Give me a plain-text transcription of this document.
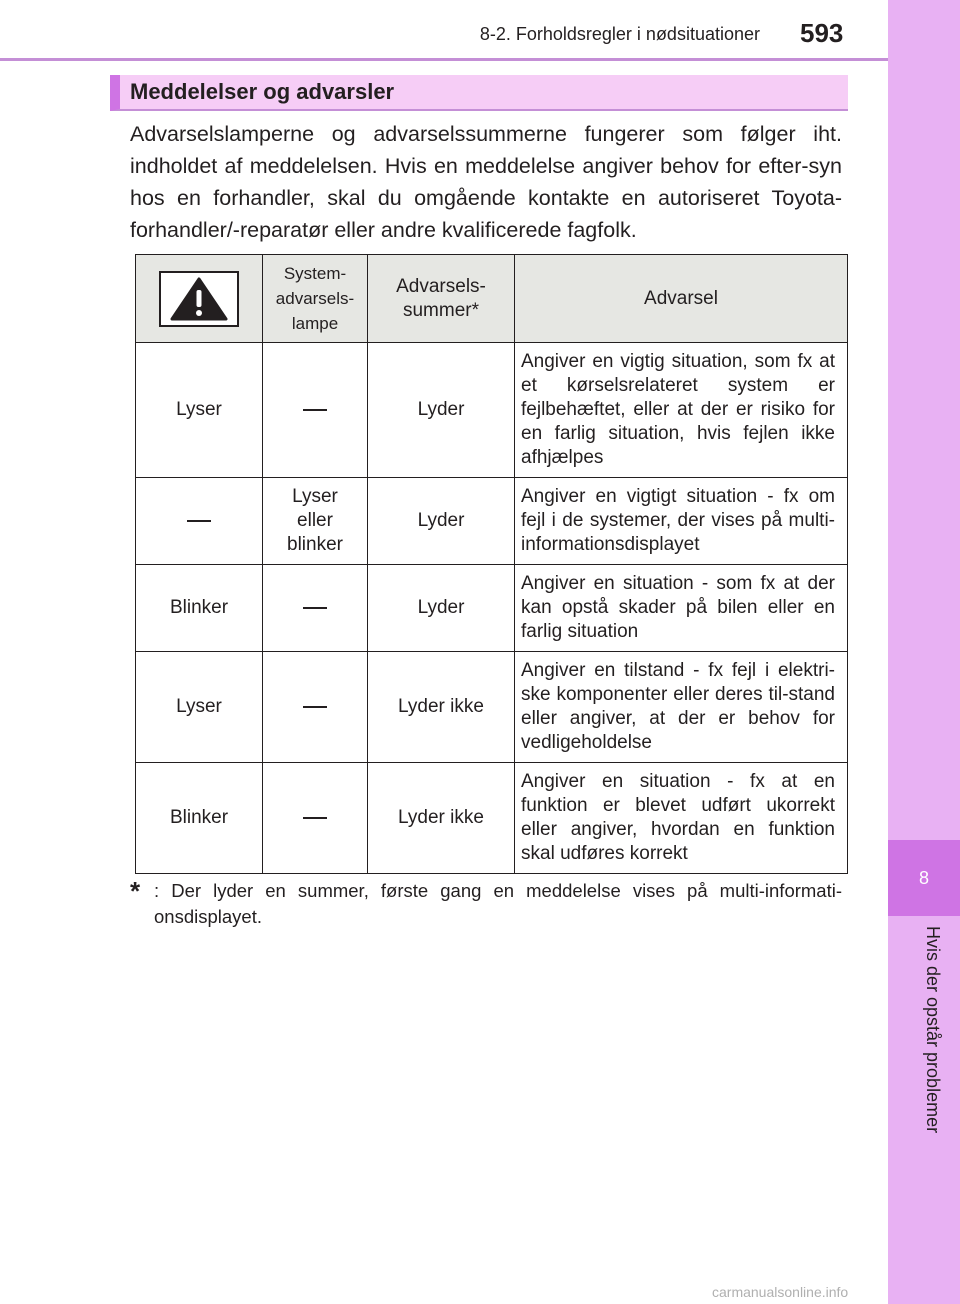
8-2. Forholdsregler i nødsituationer 593
8
Hvis der opstår problemer
Meddelelser og advarsler

Advarselslamperne og advarselssummerne fungerer som følger iht. indholdet af meddelelsen. Hvis en meddelelse angiver behov for efter-syn hos en forhandler, skal du omgående kontakte en autoriseret Toyota-forhandler/-reparatør eller andre kvalificerede fagfolk.

	System-
advarsels-
lampe	Advarsels-
summer*	Advarsel
Lyser		Lyder	Angiver en vigtig situation, som fx at et kørselsrelateret system er fejlbehæftet, eller at der er risiko for en farlig situation, hvis fejlen ikke afhjælpes
	Lyser
eller
blinker	Lyder	Angiver en vigtigt situation - fx om fejl i de systemer, der vises på multi-informationsdisplayet
Blinker		Lyder	Angiver en situation - som fx at der kan opstå skader på bilen eller en farlig situation
Lyser		Lyder ikke	Angiver en tilstand - fx fejl i elektri-ske komponenter eller deres til-stand eller angiver, at der er behov for vedligeholdelse
Blinker		Lyder ikke	Angiver en situation - fx at en funktion er blevet udført ukorrekt eller angiver, hvordan en funktion skal udføres korrekt
* : Der lyder en summer, første gang en meddelelse vises på multi-informati-onsdisplayet.
carmanualsonline.info
